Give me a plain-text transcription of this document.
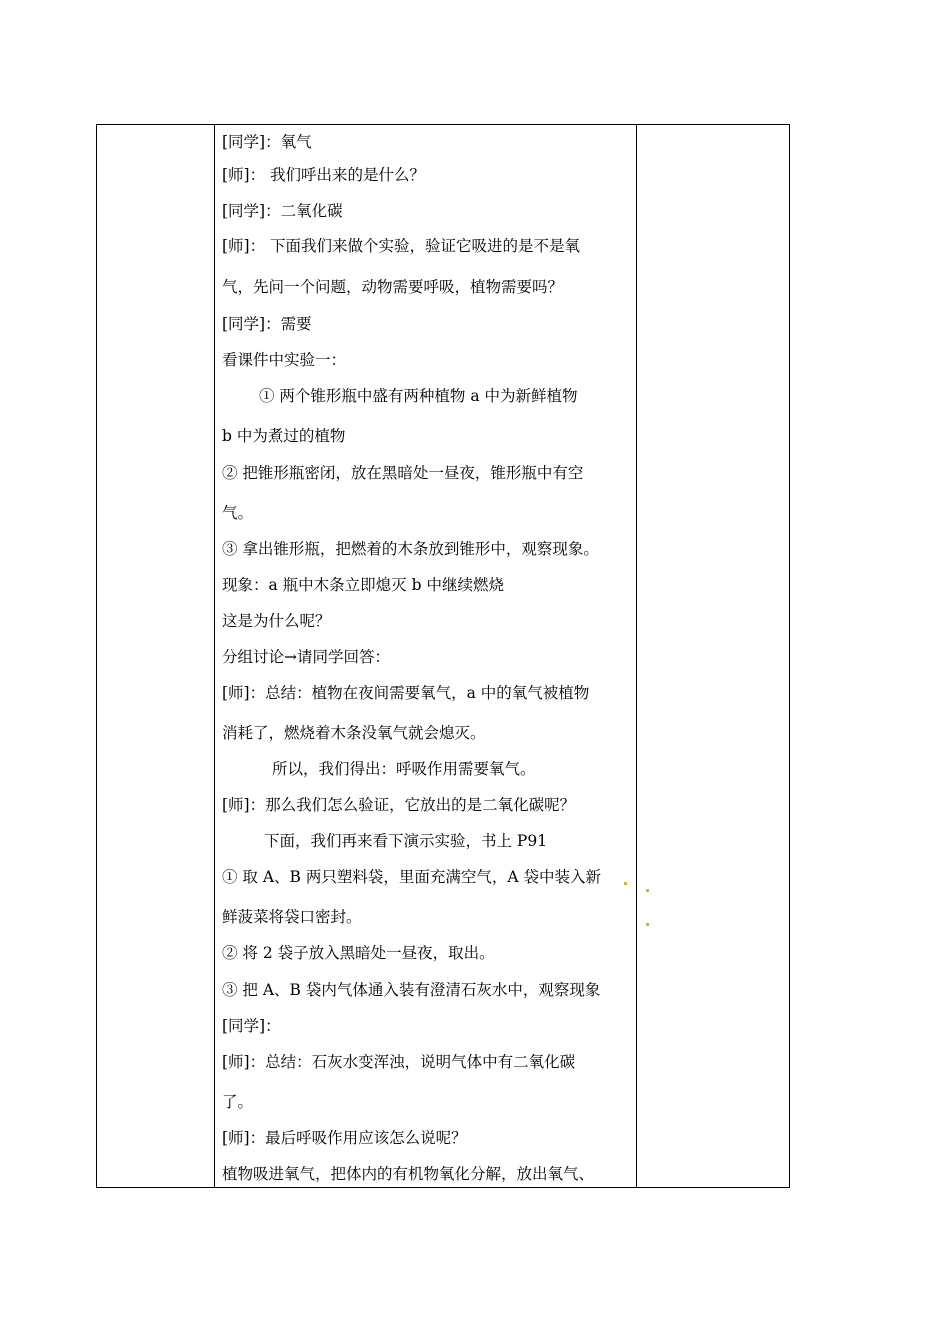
[同学]：氧气
[师]： 我们呼出来的是什么？
[同学]：二氧化碳
[师]： 下面我们来做个实验，验证它吸进的是不是氧
气，先问一个问题，动物需要呼吸，植物需要吗？
[同学]：需要
看课件中实验一：
① 两个锥形瓶中盛有两种植物 a 中为新鲜植物
b 中为煮过的植物
② 把锥形瓶密闭，放在黑暗处一昼夜，锥形瓶中有空
气。
③ 拿出锥形瓶，把燃着的木条放到锥形中，观察现象。
现象：a 瓶中木条立即熄灭 b 中继续燃烧
这是为什么呢？
分组讨论→请同学回答：
[师]：总结：植物在夜间需要氧气，a 中的氧气被植物
消耗了，燃烧着木条没氧气就会熄灭。
所以，我们得出：呼吸作用需要氧气。
[师]：那么我们怎么验证，它放出的是二氧化碳呢？
下面，我们再来看下演示实验，书上 P91
① 取 A、B 两只塑料袋，里面充满空气，A 袋中装入新
鲜菠菜将袋口密封。
② 将 2 袋子放入黑暗处一昼夜，取出。
③ 把 A、B 袋内气体通入装有澄清石灰水中，观察现象
[同学]：
[师]：总结：石灰水变浑浊，说明气体中有二氧化碳
了。
[师]：最后呼吸作用应该怎么说呢？
植物吸进氧气，把体内的有机物氧化分解，放出氧气、
